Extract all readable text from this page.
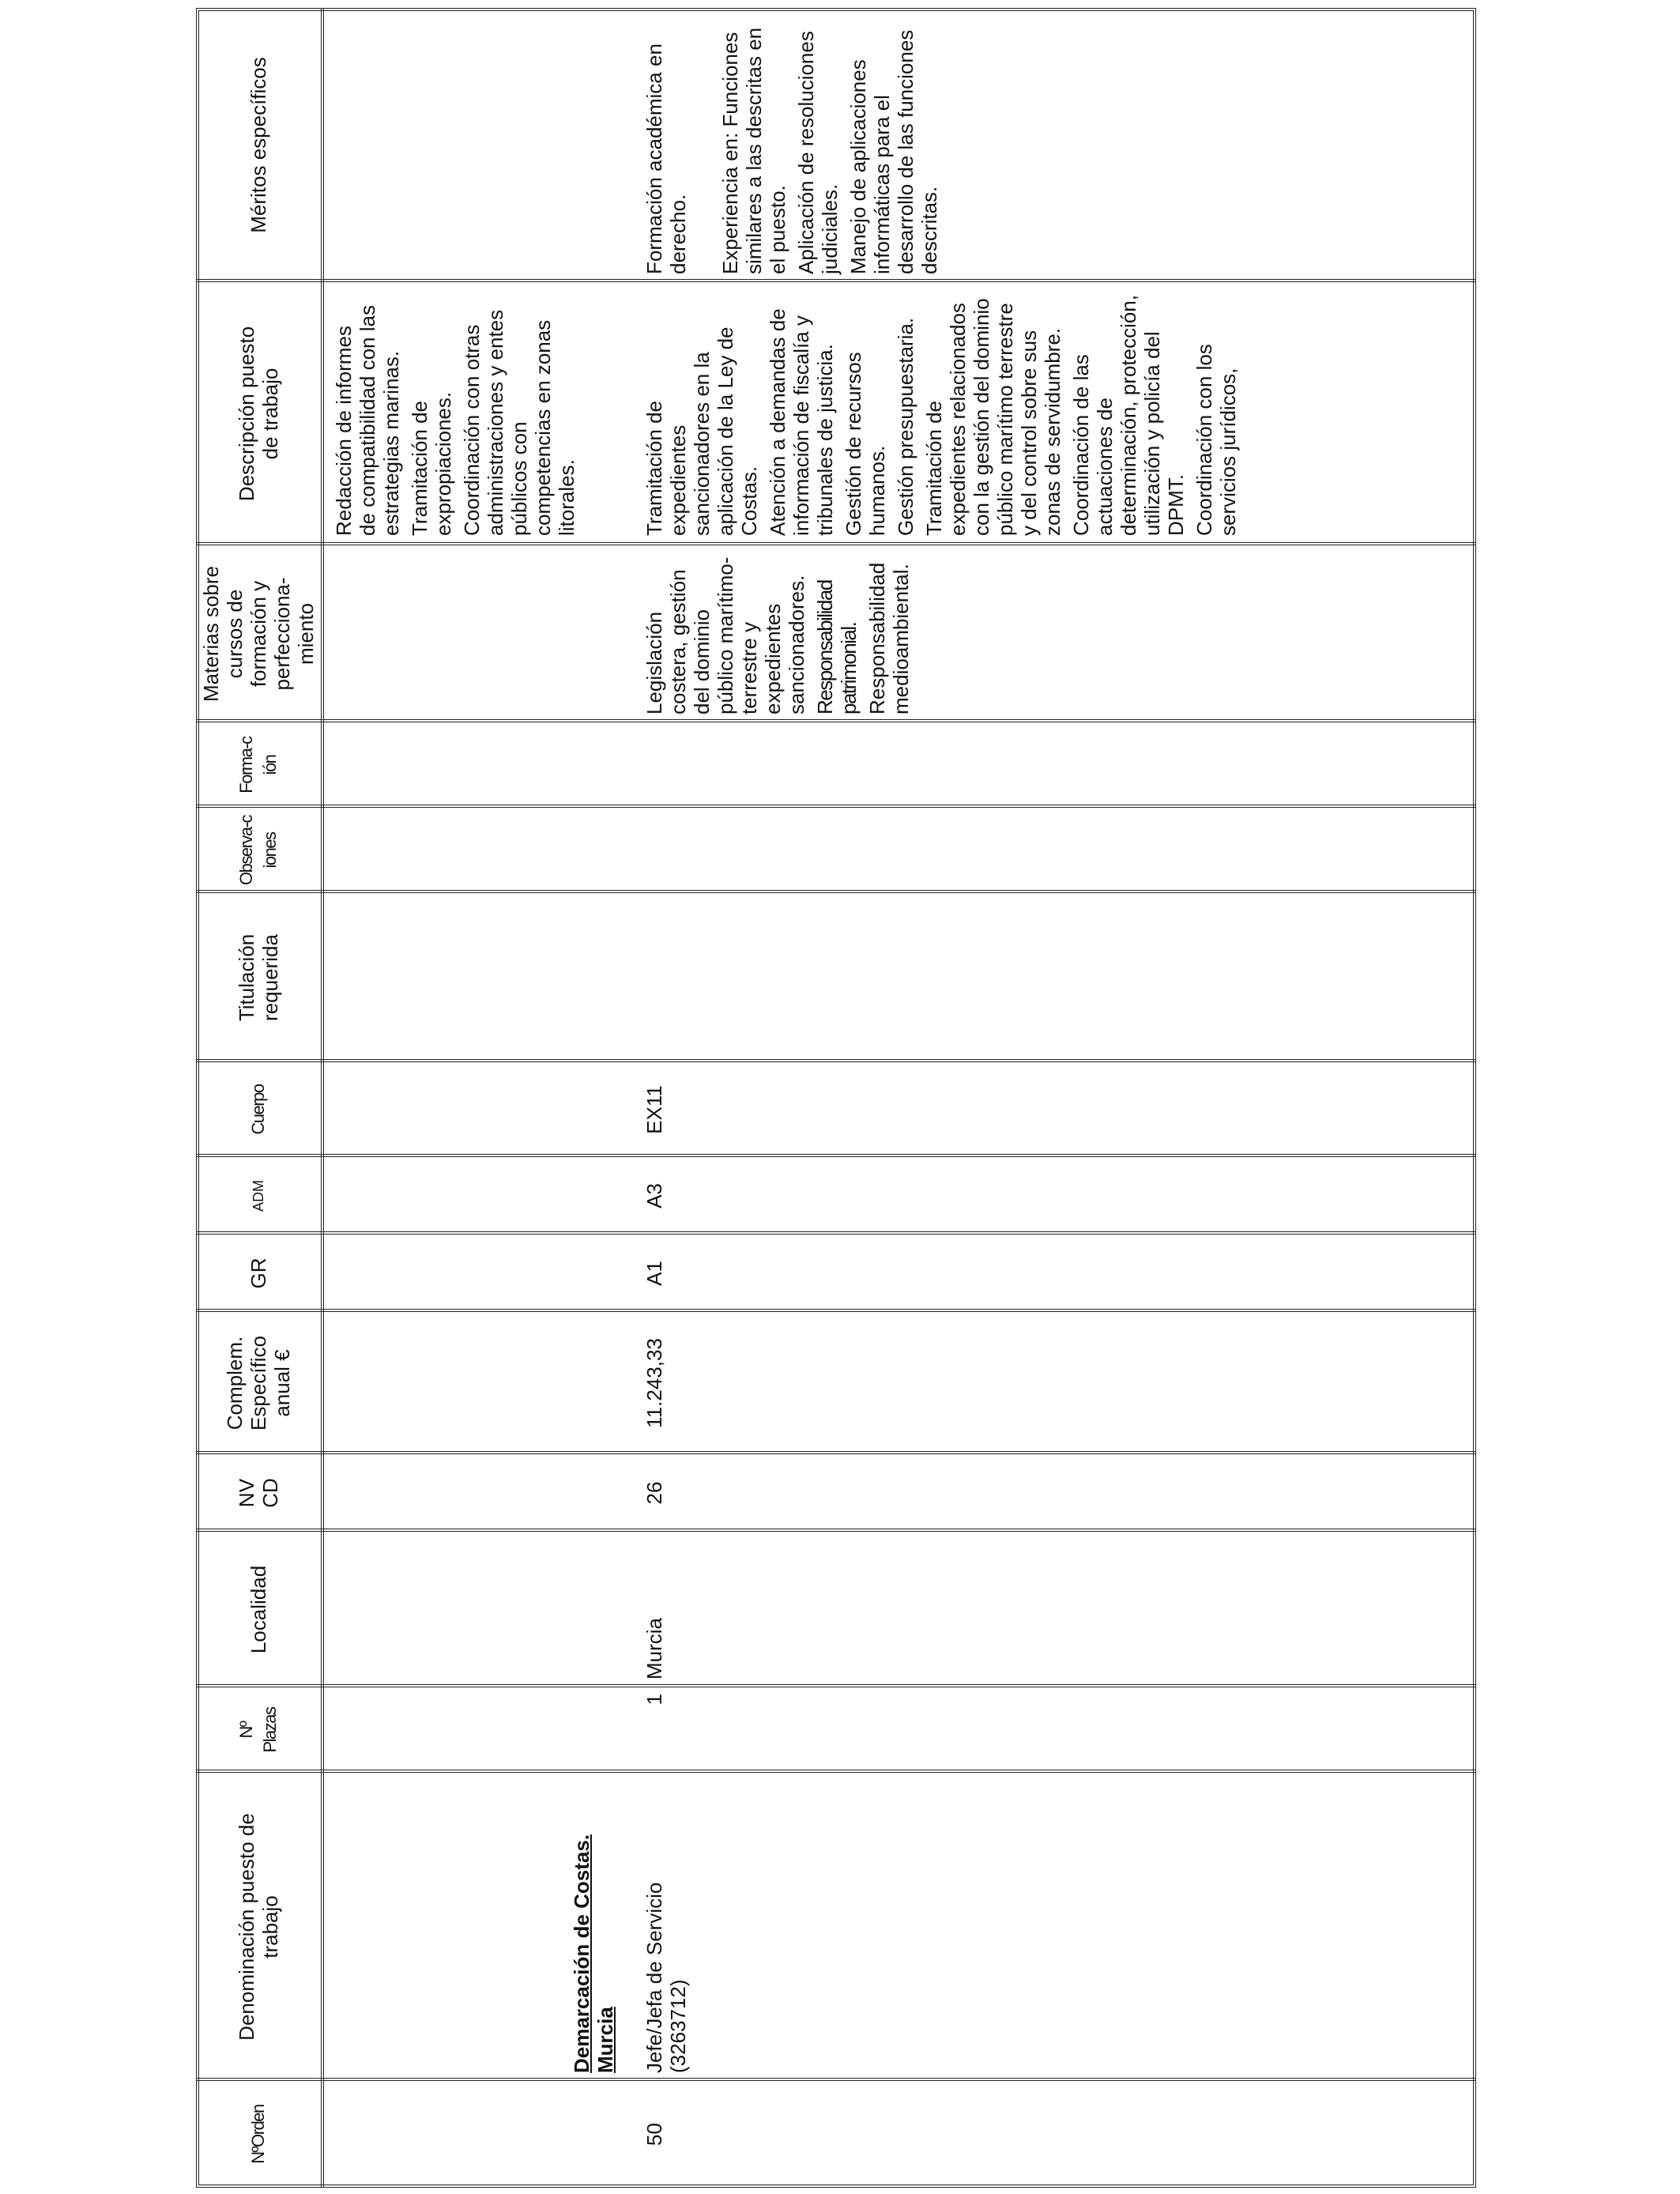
NºOrden
Denominación puesto de trabajo
Nº Plazas
Localidad
NV CD
Complem. Específico anual €
GR
ADM
Cuerpo
Titulación requerida
Observa-ciones
Forma-ción
Materias sobre cursos de formación y perfecciona-miento
Descripción puesto de trabajo
Méritos específicos

Redacción de informes de compatibilidad con las estrategias marinas. Tramitación de expropiaciones. Coordinación con otras administraciones y entes públicos con competencias en zonas litorales.

Demarcación de Costas. Murcia
50
Jefe/Jefa de Servicio (3263712)
1
Murcia
26
11.243,33
A1
A3
EX11

Legislación costera, gestión del dominio público marítimo-terrestre y expedientes sancionadores. Responsabilidad patrimonial. Responsabilidad medioambiental.

Tramitación de expedientes sancionadores en la aplicación de la Ley de Costas. Atención a demandas de información de fiscalía y tribunales de justicia. Gestión de recursos humanos. Gestión presupuestaria. Tramitación de expedientes relacionados con la gestión del dominio público marítimo terrestre y del control sobre sus zonas de servidumbre. Coordinación de las actuaciones de determinación, protección, utilización y policía del DPMT. Coordinación con los servicios jurídicos,

Formación académica en derecho. Experiencia en: Funciones similares a las descritas en el puesto. Aplicación de resoluciones judiciales. Manejo de aplicaciones informáticas para el desarrollo de las funciones descritas.
